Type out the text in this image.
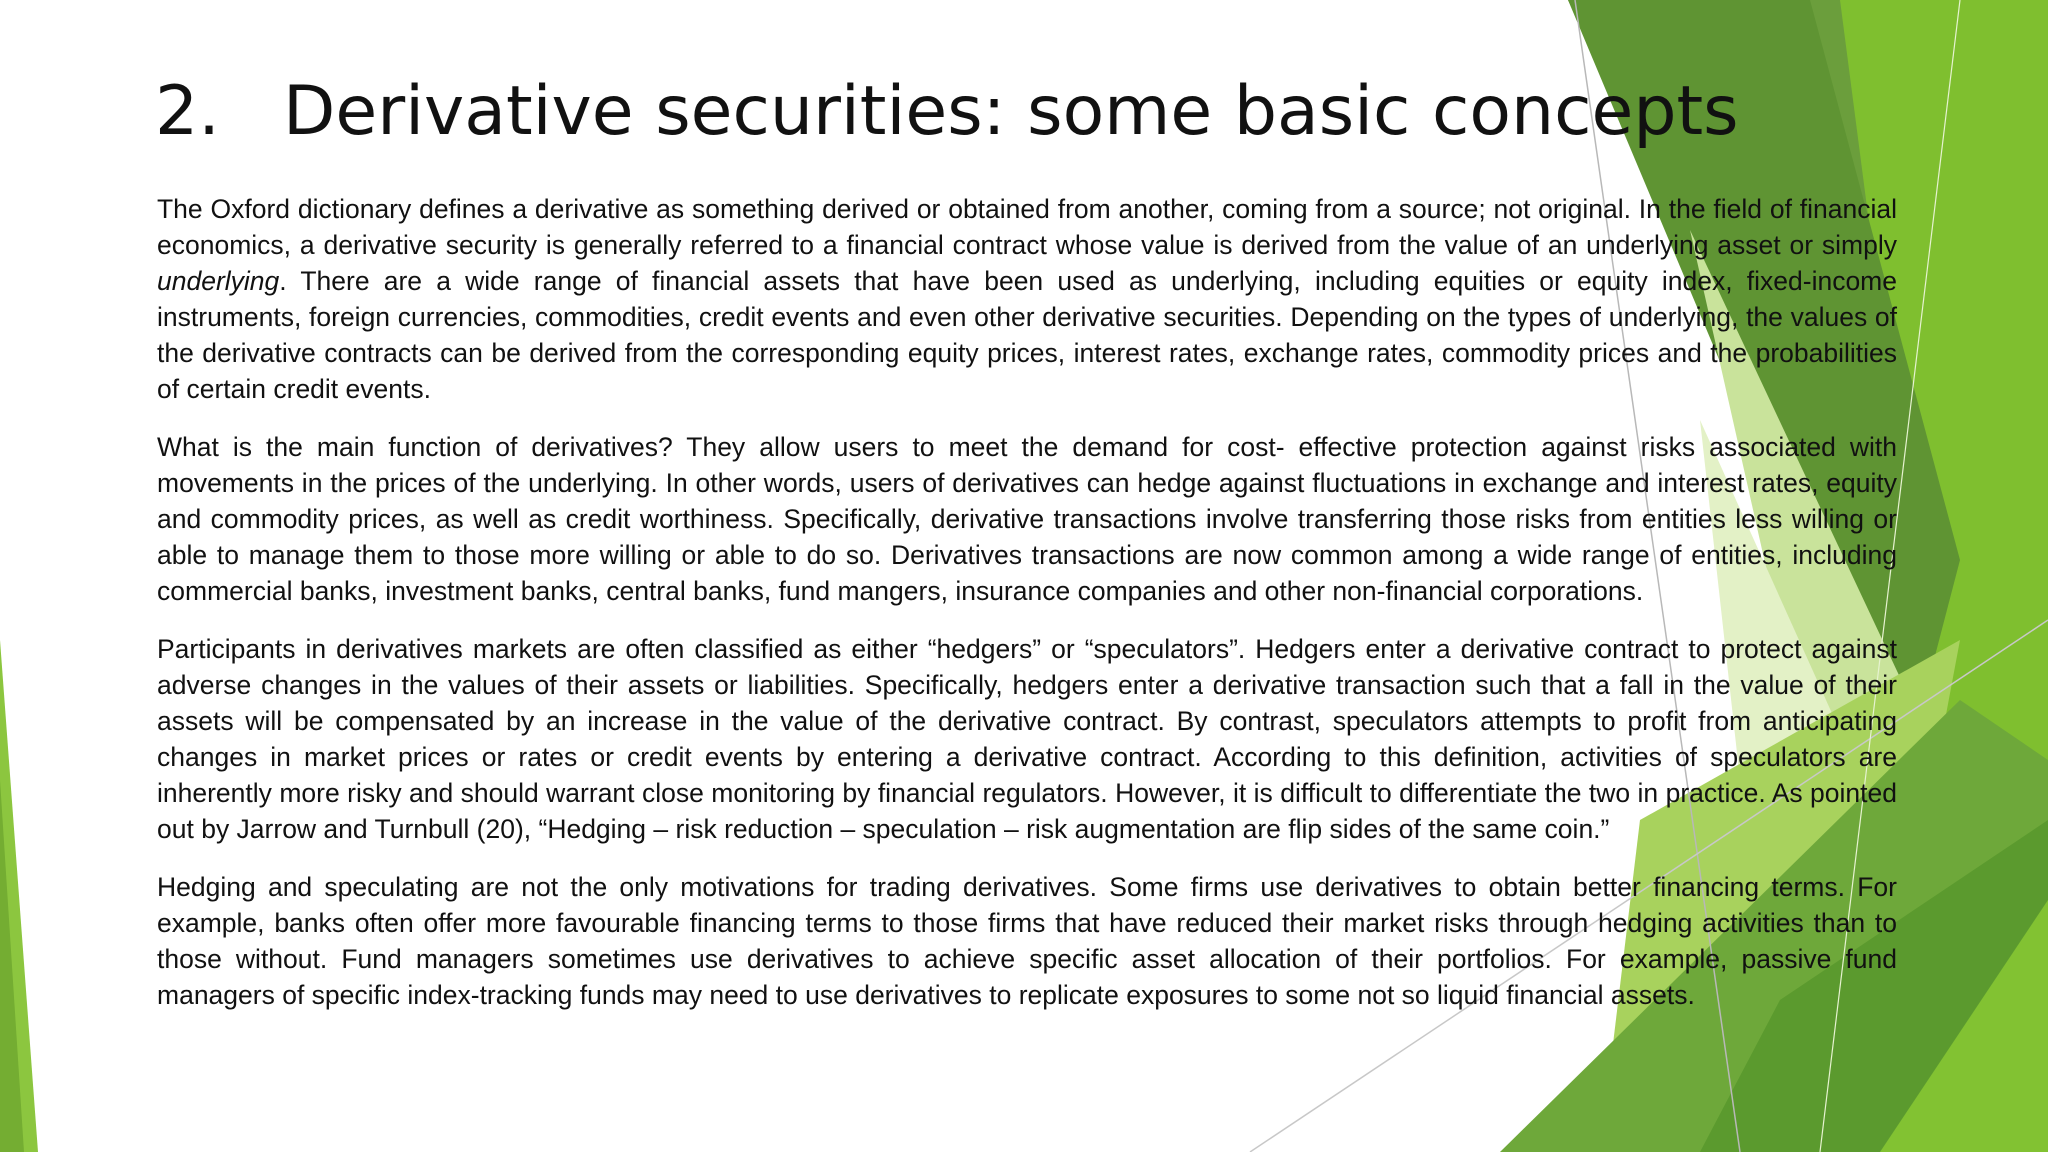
2. Derivative securities: some basic concepts

The Oxford dictionary defines a derivative as something derived or obtained from another, coming from a source; not original. In the field of financial economics, a derivative security is generally referred to a financial contract whose value is derived from the value of an underlying asset or simply underlying. There are a wide range of financial assets that have been used as underlying, including equities or equity index, fixed-income instruments, foreign currencies, commodities, credit events and even other derivative securities. Depending on the types of underlying, the values of the derivative contracts can be derived from the corresponding equity prices, interest rates, exchange rates, commodity prices and the probabilities of certain credit events.

What is the main function of derivatives? They allow users to meet the demand for cost- effective protection against risks associated with movements in the prices of the underlying. In other words, users of derivatives can hedge against fluctuations in exchange and interest rates, equity and commodity prices, as well as credit worthiness. Specifically, derivative transactions involve transferring those risks from entities less willing or able to manage them to those more willing or able to do so. Derivatives transactions are now common among a wide range of entities, including commercial banks, investment banks, central banks, fund mangers, insurance companies and other non-financial corporations.

Participants in derivatives markets are often classified as either “hedgers” or “speculators”. Hedgers enter a derivative contract to protect against adverse changes in the values of their assets or liabilities. Specifically, hedgers enter a derivative transaction such that a fall in the value of their assets will be compensated by an increase in the value of the derivative contract. By contrast, speculators attempts to profit from anticipating changes in market prices or rates or credit events by entering a derivative contract. According to this definition, activities of speculators are inherently more risky and should warrant close monitoring by financial regulators. However, it is difficult to differentiate the two in practice. As pointed out by Jarrow and Turnbull (20), “Hedging – risk reduction – speculation – risk augmentation are flip sides of the same coin.”

Hedging and speculating are not the only motivations for trading derivatives. Some firms use derivatives to obtain better financing terms. For example, banks often offer more favourable financing terms to those firms that have reduced their market risks through hedging activities than to those without. Fund managers sometimes use derivatives to achieve specific asset allocation of their portfolios. For example, passive fund managers of specific index-tracking funds may need to use derivatives to replicate exposures to some not so liquid financial assets.
